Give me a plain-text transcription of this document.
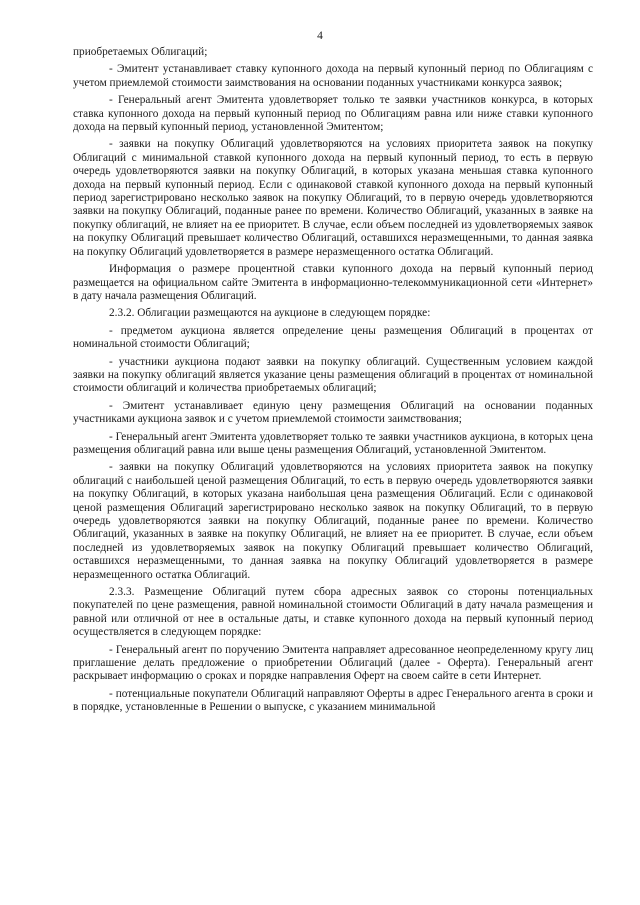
4

приобретаемых Облигаций;

- Эмитент устанавливает ставку купонного дохода на первый купонный период по Облигациям с учетом приемлемой стоимости заимствования на основании поданных участниками конкурса заявок;

- Генеральный агент Эмитента удовлетворяет только те заявки участников конкурса, в которых ставка купонного дохода на первый купонный период по Облигациям равна или ниже ставки купонного дохода на первый купонный период, установленной Эмитентом;

- заявки на покупку Облигаций удовлетворяются на условиях приоритета заявок на покупку Облигаций с минимальной ставкой купонного дохода на первый купонный период, то есть в первую очередь удовлетворяются заявки на покупку Облигаций, в которых указана меньшая ставка купонного дохода на первый купонный период. Если с одинаковой ставкой купонного дохода на первый купонный период зарегистрировано несколько заявок на покупку Облигаций, то в первую очередь удовлетворяются заявки на покупку Облигаций, поданные ранее по времени. Количество Облигаций, указанных в заявке на покупку облигаций, не влияет на ее приоритет. В случае, если объем последней из удовлетворяемых заявок на покупку Облигаций превышает количество Облигаций, оставшихся неразмещенными, то данная заявка на покупку Облигаций удовлетворяется в размере неразмещенного остатка Облигаций.

Информация о размере процентной ставки купонного дохода на первый купонный период размещается на официальном сайте Эмитента в информационно-телекоммуникационной сети «Интернет» в дату начала размещения Облигаций.

2.3.2. Облигации размещаются на аукционе в следующем порядке:

- предметом аукциона является определение цены размещения Облигаций в процентах от номинальной стоимости Облигаций;

- участники аукциона подают заявки на покупку облигаций. Существенным условием каждой заявки на покупку облигаций является указание цены размещения облигаций в процентах от номинальной стоимости облигаций и количества приобретаемых облигаций;

- Эмитент устанавливает единую цену размещения Облигаций на основании поданных участниками аукциона заявок и с учетом приемлемой стоимости заимствования;

- Генеральный агент Эмитента удовлетворяет только те заявки участников аукциона, в которых цена размещения облигаций равна или выше цены размещения Облигаций, установленной Эмитентом.

- заявки на покупку Облигаций удовлетворяются на условиях приоритета заявок на покупку облигаций с наибольшей ценой размещения Облигаций, то есть в первую очередь удовлетворяются заявки на покупку Облигаций, в которых указана наибольшая цена размещения Облигаций. Если с одинаковой ценой размещения Облигаций зарегистрировано несколько заявок на покупку Облигаций, то в первую очередь удовлетворяются заявки на покупку Облигаций, поданные ранее по времени. Количество Облигаций, указанных в заявке на покупку Облигаций, не влияет на ее приоритет. В случае, если объем последней из удовлетворяемых заявок на покупку Облигаций превышает количество Облигаций, оставшихся неразмещенными, то данная заявка на покупку Облигаций удовлетворяется в размере неразмещенного остатка Облигаций.

2.3.3. Размещение Облигаций путем сбора адресных заявок со стороны потенциальных покупателей по цене размещения, равной номинальной стоимости Облигаций в дату начала размещения и равной или отличной от нее в остальные даты, и ставке купонного дохода на первый купонный период осуществляется в следующем порядке:

- Генеральный агент по поручению Эмитента направляет адресованное неопределенному кругу лиц приглашение делать предложение о приобретении Облигаций (далее - Оферта). Генеральный агент раскрывает информацию о сроках и порядке направления Оферт на своем сайте в сети Интернет.

- потенциальные покупатели Облигаций направляют Оферты в адрес Генерального агента в сроки и в порядке, установленные в Решении о выпуске, с указанием минимальной
